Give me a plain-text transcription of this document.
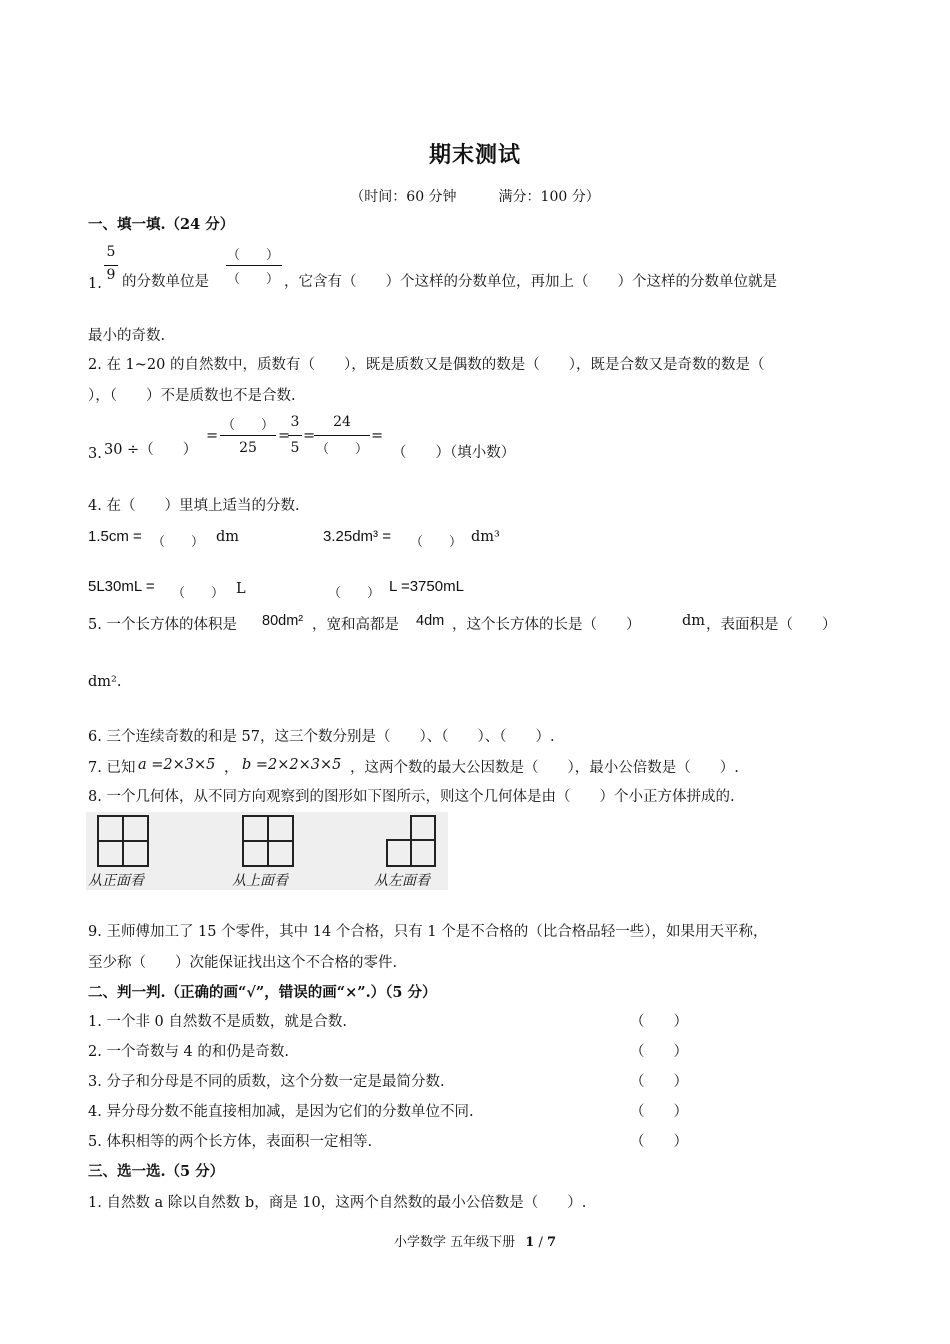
期末测试
（时间：60 分钟　　　满分：100 分）
一、填一填.（24 分）
5
9
1. 的分数单位是
（　　）
（　　） ，它含有（　　）个这样的分数单位，再加上（　　）个这样的分数单位就是
最小的奇数.
2. 在 1~20 的自然数中，质数有（　　），既是质数又是偶数的数是（　　），既是合数又是奇数的数是（
），（　　）不是质数也不是合数.
3. 30 ÷（　　）
=
（　　）
25
=
3
5
=
24
（　　）
=
（　　）（填小数）
4. 在（　　）里填上适当的分数.
1.5cm = （　　） dm	3.25dm³ = （　　） dm³
5L30mL = （　　） L	（　　） L =3750mL
5. 一个长方体的体积是 80dm² ，宽和高都是 4dm ，这个长方体的长是（　　）	dm ，表面积是（　　）
dm².
6. 三个连续奇数的和是 57，这三个数分别是（　　）、（　　）、（　　）.
7. 已知 a =2×3×5 ， b =2×2×3×5 ，这两个数的最大公因数是（　　），最小公倍数是（　　）.
8. 一个几何体，从不同方向观察到的图形如下图所示，则这个几何体是由（　　）个小正方体拼成的.
从正面看	从上面看	从左面看
9. 王师傅加工了 15 个零件，其中 14 个合格，只有 1 个是不合格的（比合格品轻一些），如果用天平称，
至少称（　　）次能保证找出这个不合格的零件.
二、判一判.（正确的画“√”，错误的画“×”.）（5 分）
1. 一个非 0 自然数不是质数，就是合数.	（　　）
2. 一个奇数与 4 的和仍是奇数.	（　　）
3. 分子和分母是不同的质数，这个分数一定是最简分数.	（　　）
4. 异分母分数不能直接相加减，是因为它们的分数单位不同.	（　　）
5. 体积相等的两个长方体，表面积一定相等.	（　　）
三、选一选.（5 分）
1. 自然数 a 除以自然数 b，商是 10，这两个自然数的最小公倍数是（　　）.
小学数学 五年级下册 1 / 7
